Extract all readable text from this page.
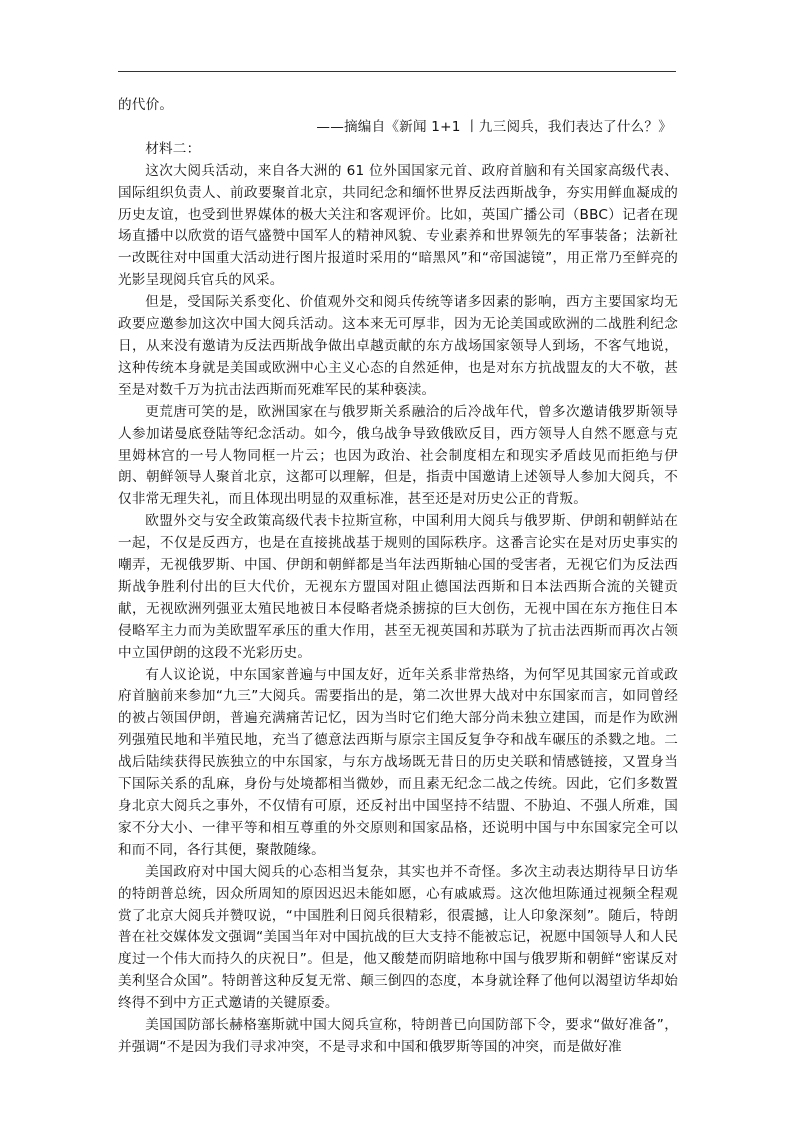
的代价。

——摘编自《新闻 1+1 丨九三阅兵，我们表达了什么？》

材料二：

这次大阅兵活动，来自各大洲的 61 位外国国家元首、政府首脑和有关国家高级代表、国际组织负责人、前政要聚首北京，共同纪念和缅怀世界反法西斯战争，夯实用鲜血凝成的历史友谊，也受到世界媒体的极大关注和客观评价。比如，英国广播公司（BBC）记者在现场直播中以欣赏的语气盛赞中国军人的精神风貌、专业素养和世界领先的军事装备；法新社一改既往对中国重大活动进行图片报道时采用的“暗黑风”和“帝国滤镜”，用正常乃至鲜亮的光影呈现阅兵官兵的风采。

但是，受国际关系变化、价值观外交和阅兵传统等诸多因素的影响，西方主要国家均无政要应邀参加这次中国大阅兵活动。这本来无可厚非，因为无论美国或欧洲的二战胜利纪念日，从来没有邀请为反法西斯战争做出卓越贡献的东方战场国家领导人到场，不客气地说，这种传统本身就是美国或欧洲中心主义心态的自然延伸，也是对东方抗战盟友的大不敬，甚至是对数千万为抗击法西斯而死难军民的某种亵渎。

更荒唐可笑的是，欧洲国家在与俄罗斯关系融洽的后冷战年代，曾多次邀请俄罗斯领导人参加诺曼底登陆等纪念活动。如今，俄乌战争导致俄欧反目，西方领导人自然不愿意与克里姆林宫的一号人物同框一片云；也因为政治、社会制度相左和现实矛盾歧见而拒绝与伊朗、朝鲜领导人聚首北京，这都可以理解，但是，指责中国邀请上述领导人参加大阅兵，不仅非常无理失礼，而且体现出明显的双重标准，甚至还是对历史公正的背叛。

欧盟外交与安全政策高级代表卡拉斯宣称，中国利用大阅兵与俄罗斯、伊朗和朝鲜站在 一起，不仅是反西方，也是在直接挑战基于规则的国际秩序。这番言论实在是对历史事实的嘲弄，无视俄罗斯、中国、伊朗和朝鲜都是当年法西斯轴心国的受害者，无视它们为反法西斯战争胜利付出的巨大代价，无视东方盟国对阻止德国法西斯和日本法西斯合流的关键贡献，无视欧洲列强亚太殖民地被日本侵略者烧杀掳掠的巨大创伤，无视中国在东方拖住日本侵略军主力而为美欧盟军承压的重大作用，甚至无视英国和苏联为了抗击法西斯而再次占领中立国伊朗的这段不光彩历史。

有人议论说，中东国家普遍与中国友好，近年关系非常热络，为何罕见其国家元首或政府首脑前来参加“九三”大阅兵。需要指出的是，第二次世界大战对中东国家而言，如同曾经的被占领国伊朗，普遍充满痛苦记忆，因为当时它们绝大部分尚未独立建国，而是作为欧洲列强殖民地和半殖民地，充当了德意法西斯与原宗主国反复争夺和战车碾压的杀戮之地。二战后陆续获得民族独立的中东国家，与东方战场既无昔日的历史关联和情感链接，又置身当下国际关系的乱麻，身份与处境都相当微妙，而且素无纪念二战之传统。因此，它们多数置身北京大阅兵之事外，不仅情有可原，还反衬出中国坚持不结盟、不胁迫、不强人所难，国家不分大小、一律平等和相互尊重的外交原则和国家品格，还说明中国与中东国家完全可以和而不同，各行其便，聚散随缘。

美国政府对中国大阅兵的心态相当复杂，其实也并不奇怪。多次主动表达期待早日访华的特朗普总统，因众所周知的原因迟迟未能如愿，心有戚戚焉。这次他坦陈通过视频全程观赏了北京大阅兵并赞叹说，“中国胜利日阅兵很精彩，很震撼，让人印象深刻”。随后，特朗普在社交媒体发文强调“美国当年对中国抗战的巨大支持不能被忘记，祝愿中国领导人和人民度过一个伟大而持久的庆祝日”。但是，他又酸楚而阴暗地称中国与俄罗斯和朝鲜“密谋反对美利坚合众国”。特朗普这种反复无常、颠三倒四的态度，本身就诠释了他何以渴望访华却始终得不到中方正式邀请的关键原委。

美国国防部长赫格塞斯就中国大阅兵宣称，特朗普已向国防部下令，要求“做好准备”，并强调“不是因为我们寻求冲突，不是寻求和中国和俄罗斯等国的冲突，而是做好准
